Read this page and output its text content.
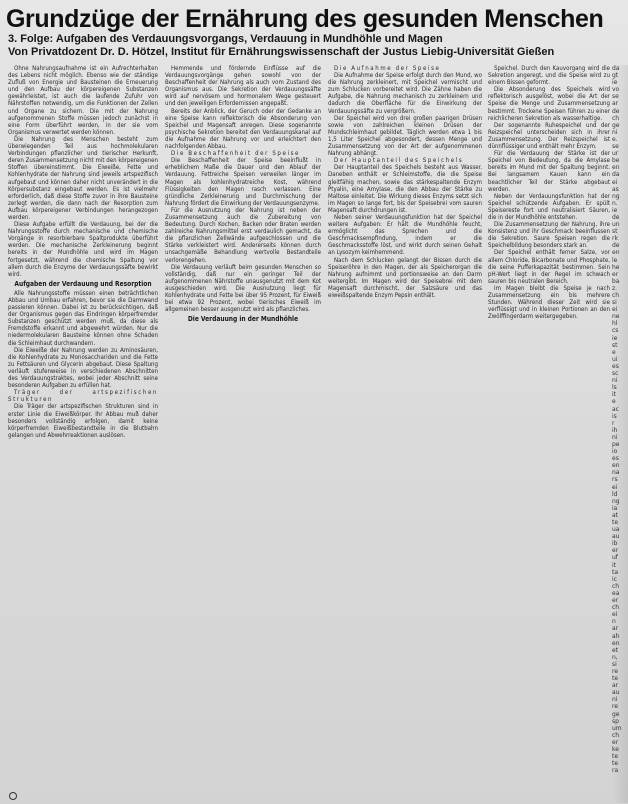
Grundzüge der Ernährung des gesunden Menschen
3. Folge: Aufgaben des Verdauungsvorgangs, Verdauung in Mundhöhle und Magen
Von Privatdozent Dr. D. Hötzel, Institut für Ernährungswissenschaft der Justus Liebig-Universität Gießen

Ohne Nahrungsaufnahme ist ein Aufrechterhalten des Lebens nicht möglich. Ebenso wie der ständige Zufluß von Energie und Bausteinen die Erneuerung und den Aufbau der körpereigenen Substanzen gewährleistet, ist auch die laufende Zufuhr von Nährstoffen notwendig, um die Funktionen der Zellen und Organe zu sichern. Die mit der Nahrung aufgenommenen Stoffe müssen jedoch zunächst in eine Form überführt werden, in der sie vom Organismus verwertet werden können.

Die Nahrung des Menschen besteht zum überwiegenden Teil aus hochmolekularen Verbindungen pflanzlicher und tierischer Herkunft, deren Zusammensetzung nicht mit den körpereigenen Stoffen übereinstimmt. Die Eiweiße, Fette und Kohlenhydrate der Nahrung sind jeweils artspezifisch aufgebaut und können daher nicht unverändert in die Körpersubstanz eingebaut werden. Es ist vielmehr erforderlich, daß diese Stoffe zuvor in ihre Bausteine zerlegt werden, die dann nach der Resorption zum Aufbau körpereigener Verbindungen herangezogen werden.

Diese Aufgabe erfüllt die Verdauung, bei der die Nahrungsstoffe durch mechanische und chemische Vorgänge in resorbierbare Spaltprodukte überführt werden. Die mechanische Zerkleinerung beginnt bereits in der Mundhöhle und wird im Magen fortgesetzt, während die chemische Spaltung vor allem durch die Enzyme der Verdauungssäfte bewirkt wird.

Aufgaben der Verdauung und Resorption

Alle Nahrungsstoffe müssen einen beträchtlichen Abbau und Umbau erfahren, bevor sie die Darmwand passieren können. Dabei ist zu berücksichtigen, daß der Organismus gegen das Eindringen körperfremder Substanzen geschützt werden muß, da diese als Fremdstoffe erkannt und abgewehrt würden. Nur die niedermolekularen Bausteine können ohne Schaden die Schleimhaut durchwandern.

Die Eiweiße der Nahrung werden zu Aminosäuren, die Kohlenhydrate zu Monosacchariden und die Fette zu Fettsäuren und Glycerin abgebaut. Diese Spaltung verläuft stufenweise in verschiedenen Abschnitten des Verdauungstraktes, wobei jeder Abschnitt seine besonderen Aufgaben zu erfüllen hat.

Träger der artspezifischen Strukturen

Die Träger der artspezifischen Strukturen sind in erster Linie die Eiweißkörper. Ihr Abbau muß daher besonders vollständig erfolgen, damit keine körperfremden Eiweißbestandteile in die Blutbahn gelangen und Abwehrreaktionen auslösen.

Hemmende und fördernde Einflüsse auf die Verdauungsvorgänge gehen sowohl von der Beschaffenheit der Nahrung als auch vom Zustand des Organismus aus. Die Sekretion der Verdauungssäfte wird auf nervösem und hormonalem Wege gesteuert und den jeweiligen Erfordernissen angepaßt.

Bereits der Anblick, der Geruch oder der Gedanke an eine Speise kann reflektorisch die Absonderung von Speichel und Magensaft anregen. Diese sogenannte psychische Sekretion bereitet den Verdauungskanal auf die Aufnahme der Nahrung vor und erleichtert den nachfolgenden Abbau.

Die Beschaffenheit der Speise

Die Beschaffenheit der Speise beeinflußt in erheblichem Maße die Dauer und den Ablauf der Verdauung. Fettreiche Speisen verweilen länger im Magen als kohlenhydratreiche Kost, während Flüssigkeiten den Magen rasch verlassen. Eine gründliche Zerkleinerung und Durchmischung der Nahrung fördert die Einwirkung der Verdauungsenzyme.

Für die Ausnutzung der Nahrung ist neben der Zusammensetzung auch die Zubereitung von Bedeutung. Durch Kochen, Backen oder Braten werden zahlreiche Nahrungsmittel erst verdaulich gemacht, da die pflanzlichen Zellwände aufgeschlossen und die Stärke verkleistert wird. Andererseits können durch unsachgemäße Behandlung wertvolle Bestandteile verlorengehen.

Die Verdauung verläuft beim gesunden Menschen so vollständig, daß nur ein geringer Teil der aufgenommenen Nährstoffe unausgenutzt mit dem Kot ausgeschieden wird. Die Ausnutzung liegt für Kohlenhydrate und Fette bei über 95 Prozent, für Eiweiß bei etwa 92 Prozent, wobei tierisches Eiweiß im allgemeinen besser ausgenutzt wird als pflanzliches.

Die Verdauung in der Mundhöhle

Die Aufnahme der Speise

Die Aufnahme der Speise erfolgt durch den Mund, wo die Nahrung zerkleinert, mit Speichel vermischt und zum Schlucken vorbereitet wird. Die Zähne haben die Aufgabe, die Nahrung mechanisch zu zerkleinern und dadurch die Oberfläche für die Einwirkung der Verdauungssäfte zu vergrößern.

Der Speichel wird von drei großen paarigen Drüsen sowie von zahlreichen kleinen Drüsen der Mundschleimhaut gebildet. Täglich werden etwa 1 bis 1,5 Liter Speichel abgesondert, dessen Menge und Zusammensetzung von der Art der aufgenommenen Nahrung abhängt.

Der Hauptanteil des Speichels

Der Hauptanteil des Speichels besteht aus Wasser. Daneben enthält er Schleimstoffe, die die Speise gleitfähig machen, sowie das stärkespaltende Enzym Ptyalin, eine Amylase, die den Abbau der Stärke zu Maltose einleitet. Die Wirkung dieses Enzyms setzt sich im Magen so lange fort, bis der Speisebrei vom sauren Magensaft durchdrungen ist.

Neben seiner Verdauungsfunktion hat der Speichel weitere Aufgaben: Er hält die Mundhöhle feucht, ermöglicht das Sprechen und die Geschmacksempfindung, indem er die Geschmacksstoffe löst, und wirkt durch seinen Gehalt an Lysozym keimhemmend.

Nach dem Schlucken gelangt der Bissen durch die Speiseröhre in den Magen, der als Speicherorgan die Nahrung aufnimmt und portionsweise an den Darm weitergibt. Im Magen wird der Speisebrei mit dem Magensaft durchmischt, der Salzsäure und das eiweißspaltende Enzym Pepsin enthält.

Speichel. Durch den Kauvorgang wird die Sekretion angeregt, und die Speise wird zu einem Bissen geformt.

Die Absonderung des Speichels wird reflektorisch ausgelöst, wobei die Art der Speise die Menge und Zusammensetzung bestimmt. Trockene Speisen führen zu einer reichlicheren Sekretion als wasserhaltige.

Der sogenannte Ruhespeichel und der Reizspeichel unterscheiden sich in ihrer Zusammensetzung. Der Reizspeichel ist dünnflüssiger und enthält mehr Enzym.

Für die Verdauung der Stärke ist der Speichel von Bedeutung, da die Amylase bereits im Mund mit der Spaltung beginnt. Bei langsamem Kauen kann ein beachtlicher Teil der Stärke abgebaut werden.

Neben der Verdauungsfunktion hat der Speichel schützende Aufgaben. Er spült Speisereste fort und neutralisiert Säuren, die in der Mundhöhle entstehen.

Die Zusammensetzung der Nahrung, ihre Konsistenz und ihr Geschmack beeinflussen die Sekretion. Saure Speisen regen die Speichelbildung besonders stark an.

Der Speichel enthält ferner Salze, vor allem Chloride, Bicarbonate und Phosphate, die seine Pufferkapazität bestimmen. Sein pH-Wert liegt in der Regel im schwach sauren bis neutralen Bereich.

Im Magen bleibt die Speise je nach Zusammensetzung ein bis mehrere Stunden. Während dieser Zeit wird sie verflüssigt und in kleinen Portionen an den Zwölffingerdarm weitergegeben.

da
gt
ie
vo
se
ar
de
ch
ge
ni
e.
se
ur
be
en
da
ei
as
ng
n.
ie
de
un
st
rk
de
en
le
he
er
ba
z.
ch
si
ei
ne
hl
cs
ie
st
e
ui
es
sc
ni
ls
it
e
ac
is
r
ih
ni
pe
io
es
en
na
rs
ei
ld
ng
ia
at
te
ua
au
ib
er
uf
it
ta
ic
ch
ea
er
ch
ei
n
ar
ah
en
et
n,
si
re
te
ar
au
ni
re
ge
sp
um
ch
er
ke
te
te
ra
